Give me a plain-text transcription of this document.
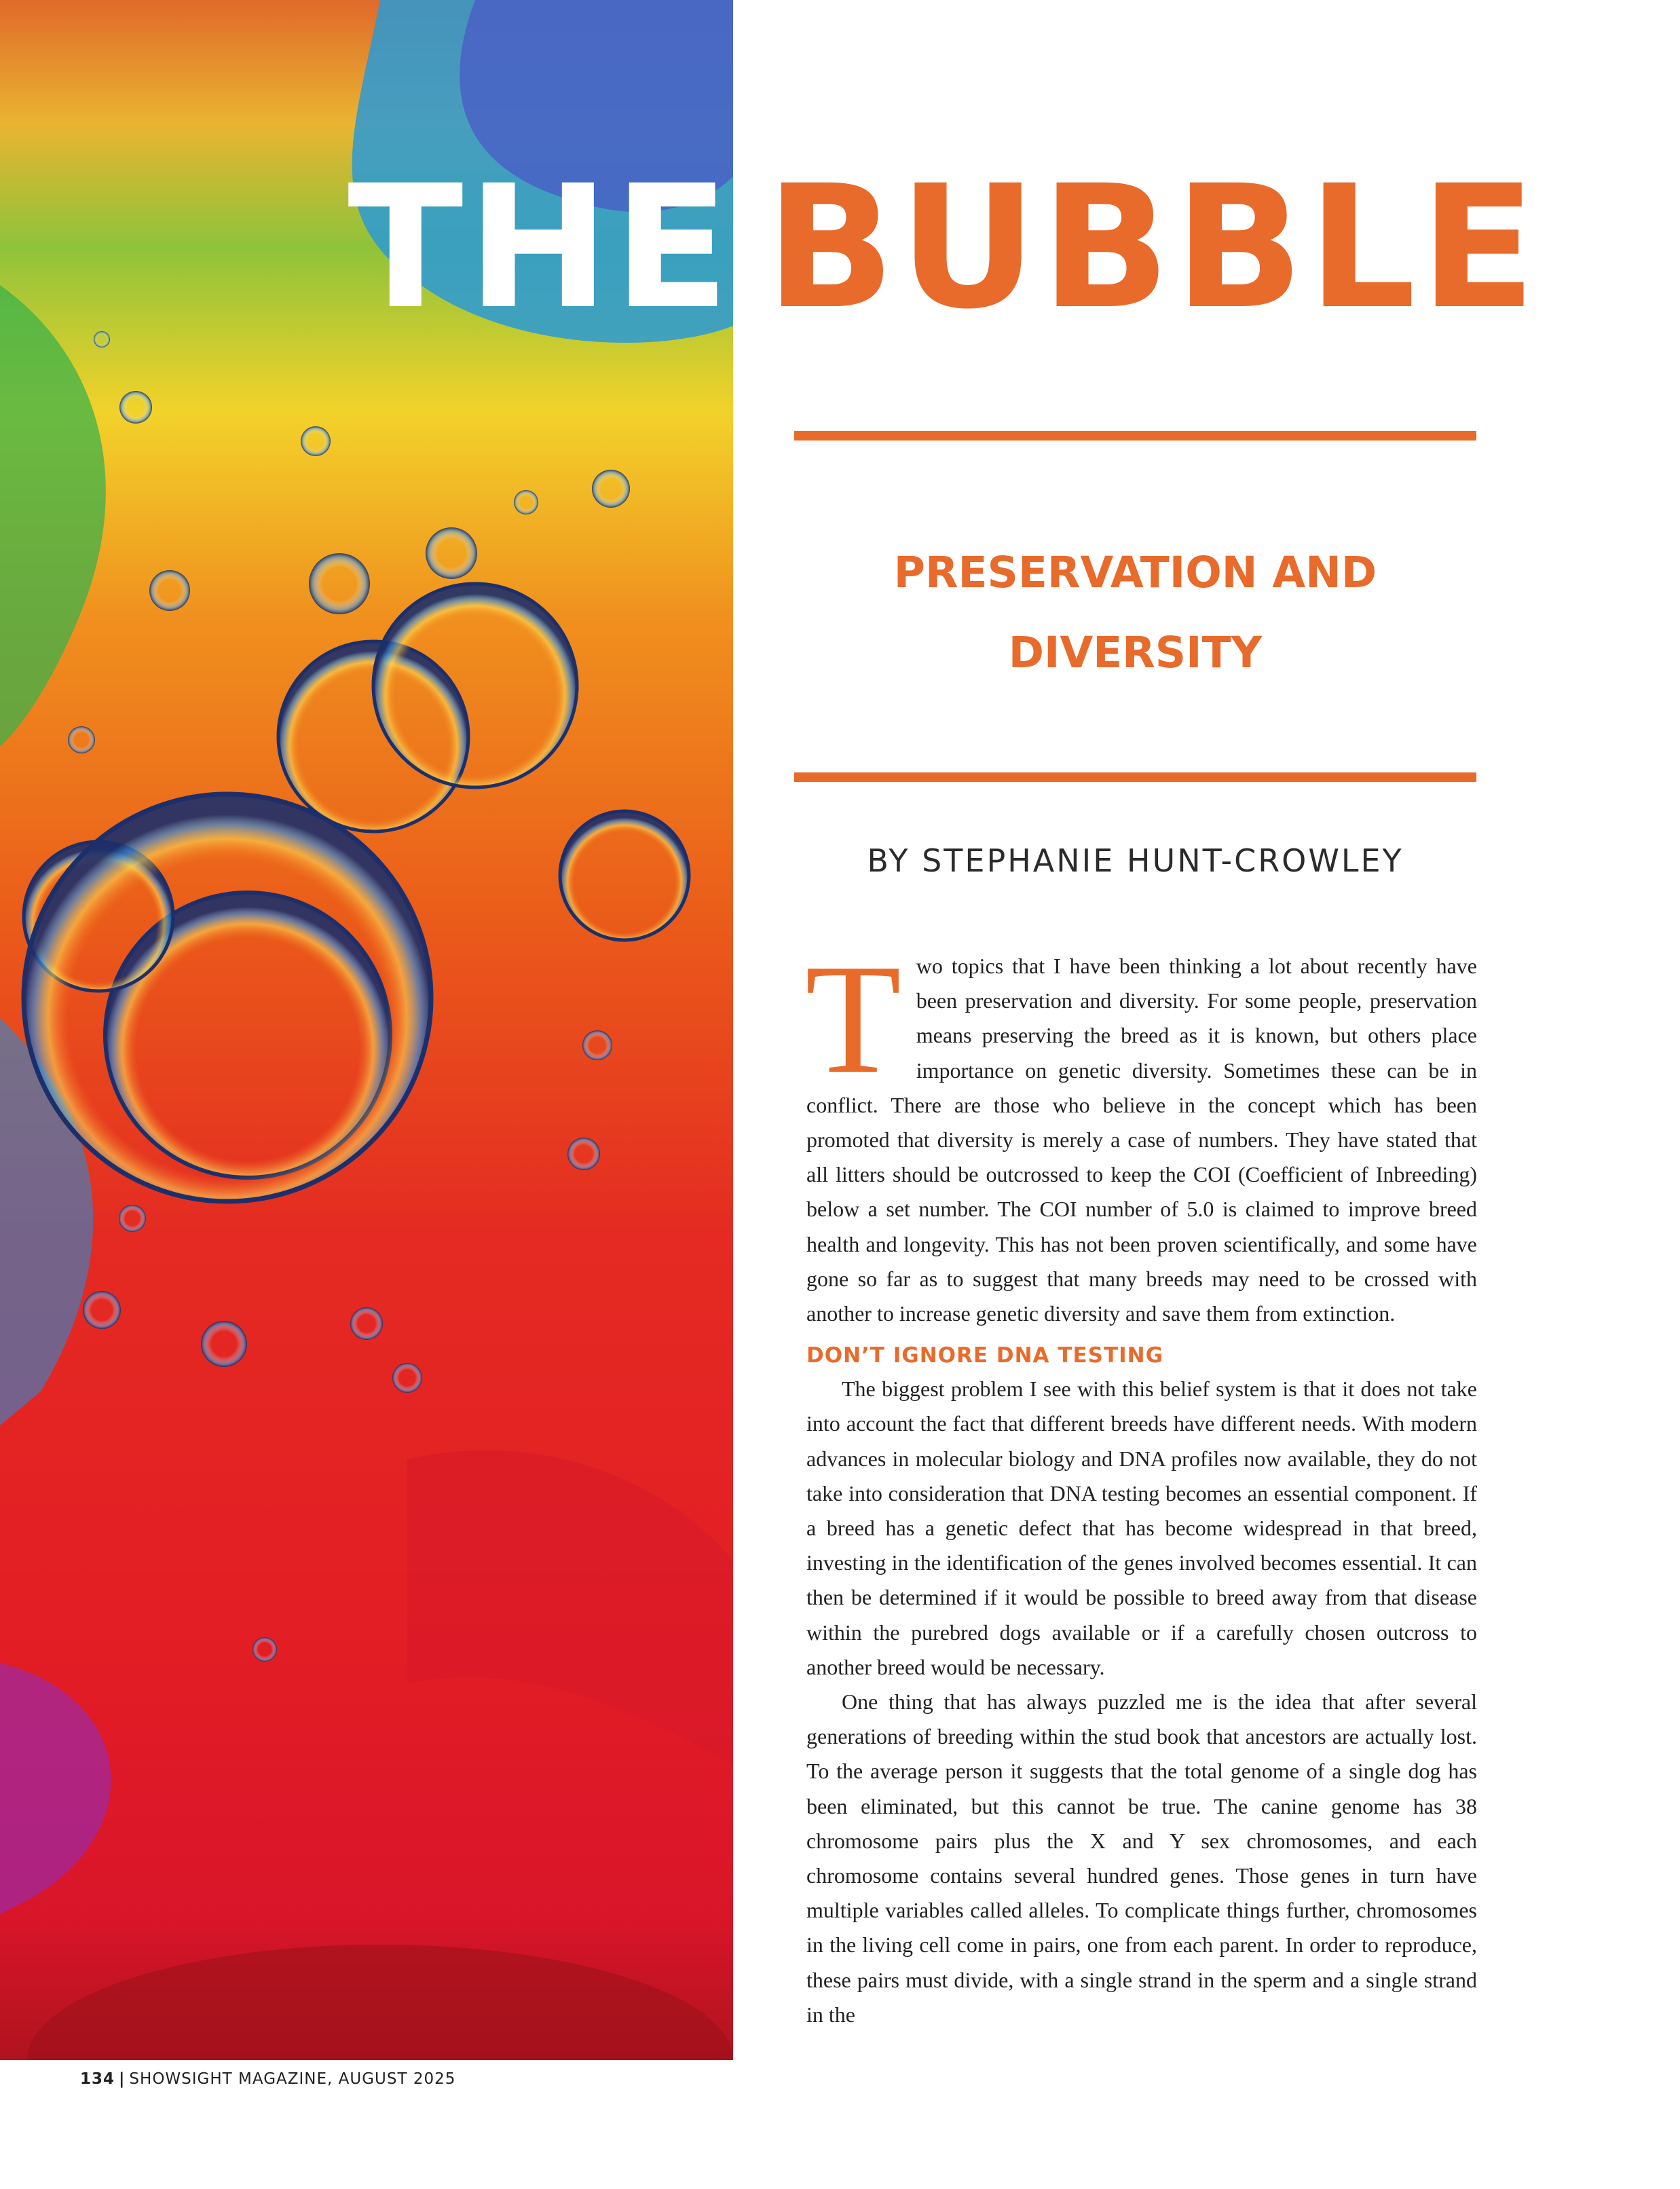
THE BUBBLE
PRESERVATION AND
DIVERSITY
BY STEPHANIE HUNT-CROWLEY

Two topics that I have been thinking a lot about recently have been preservation and diversity. For some people, preservation means preserving the breed as it is known, but others place importance on genetic diversity. Sometimes these can be in conflict. There are those who believe in the concept which has been promoted that diversity is merely a case of numbers. They have stated that all litters should be outcrossed to keep the COI (Coefficient of Inbreeding) below a set number. The COI number of 5.0 is claimed to improve breed health and longevity. This has not been proven scientifically, and some have gone so far as to suggest that many breeds may need to be crossed with another to increase genetic diversity and save them from extinction.

DON’T IGNORE DNA TESTING

The biggest problem I see with this belief system is that it does not take into account the fact that different breeds have different needs. With modern advances in molecular biology and DNA profiles now available, they do not take into consideration that DNA testing becomes an essential component. If a breed has a genetic defect that has become widespread in that breed, investing in the identification of the genes involved becomes essential. It can then be determined if it would be possible to breed away from that disease within the purebred dogs available or if a carefully chosen outcross to another breed would be necessary.

One thing that has always puzzled me is the idea that after several generations of breeding within the stud book that ancestors are actually lost. To the average person it suggests that the total genome of a single dog has been eliminated, but this cannot be true. The canine genome has 38 chromosome pairs plus the X and Y sex chromosomes, and each chromosome contains several hundred genes. Those genes in turn have multiple variables called alleles. To complicate things further, chromosomes in the living cell come in pairs, one from each parent. In order to reproduce, these pairs must divide, with a single strand in the sperm and a single strand in the

134 | SHOWSIGHT MAGAZINE, AUGUST 2025
